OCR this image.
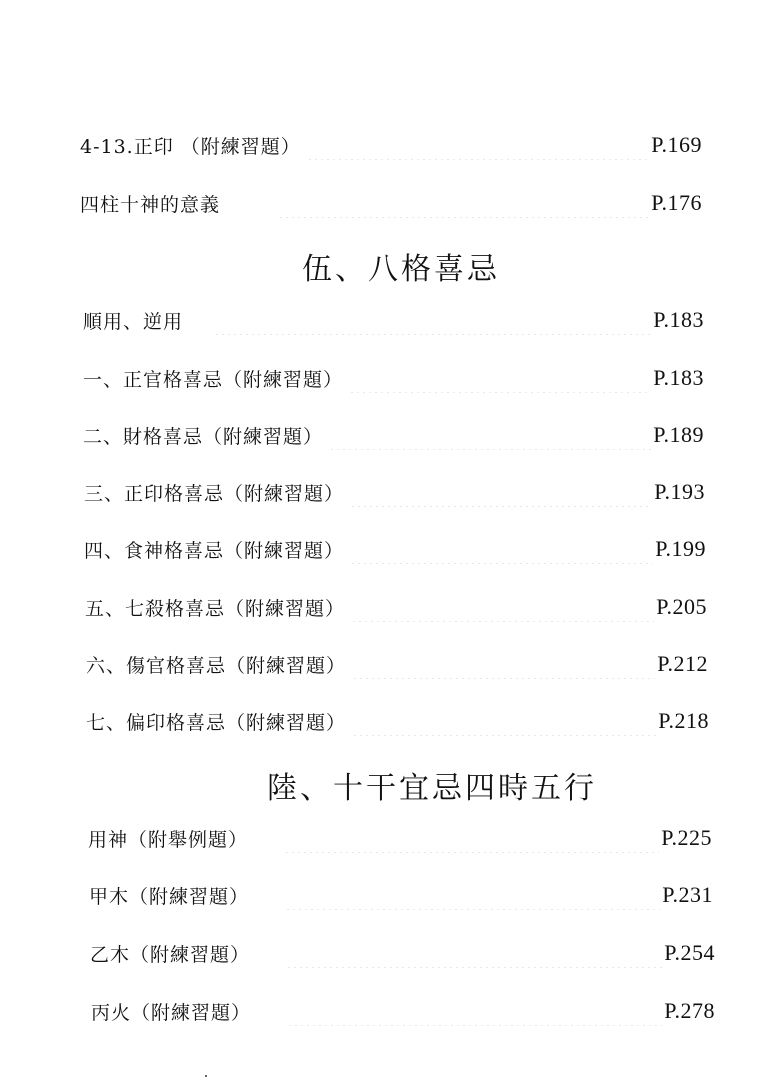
4-13.正印 （附練習題）	P.169
四柱十神的意義	P.176
伍、八格喜忌
順用、逆用	P.183
一、正官格喜忌（附練習題）	P.183
二、財格喜忌（附練習題）	P.189
三、正印格喜忌（附練習題）	P.193
四、食神格喜忌（附練習題）	P.199
五、七殺格喜忌（附練習題）	P.205
六、傷官格喜忌（附練習題）	P.212
七、偏印格喜忌（附練習題）	P.218
陸、十干宜忌四時五行
用神（附舉例題）	P.225
甲木（附練習題）	P.231
乙木（附練習題）	P.254
丙火（附練習題）	P.278
